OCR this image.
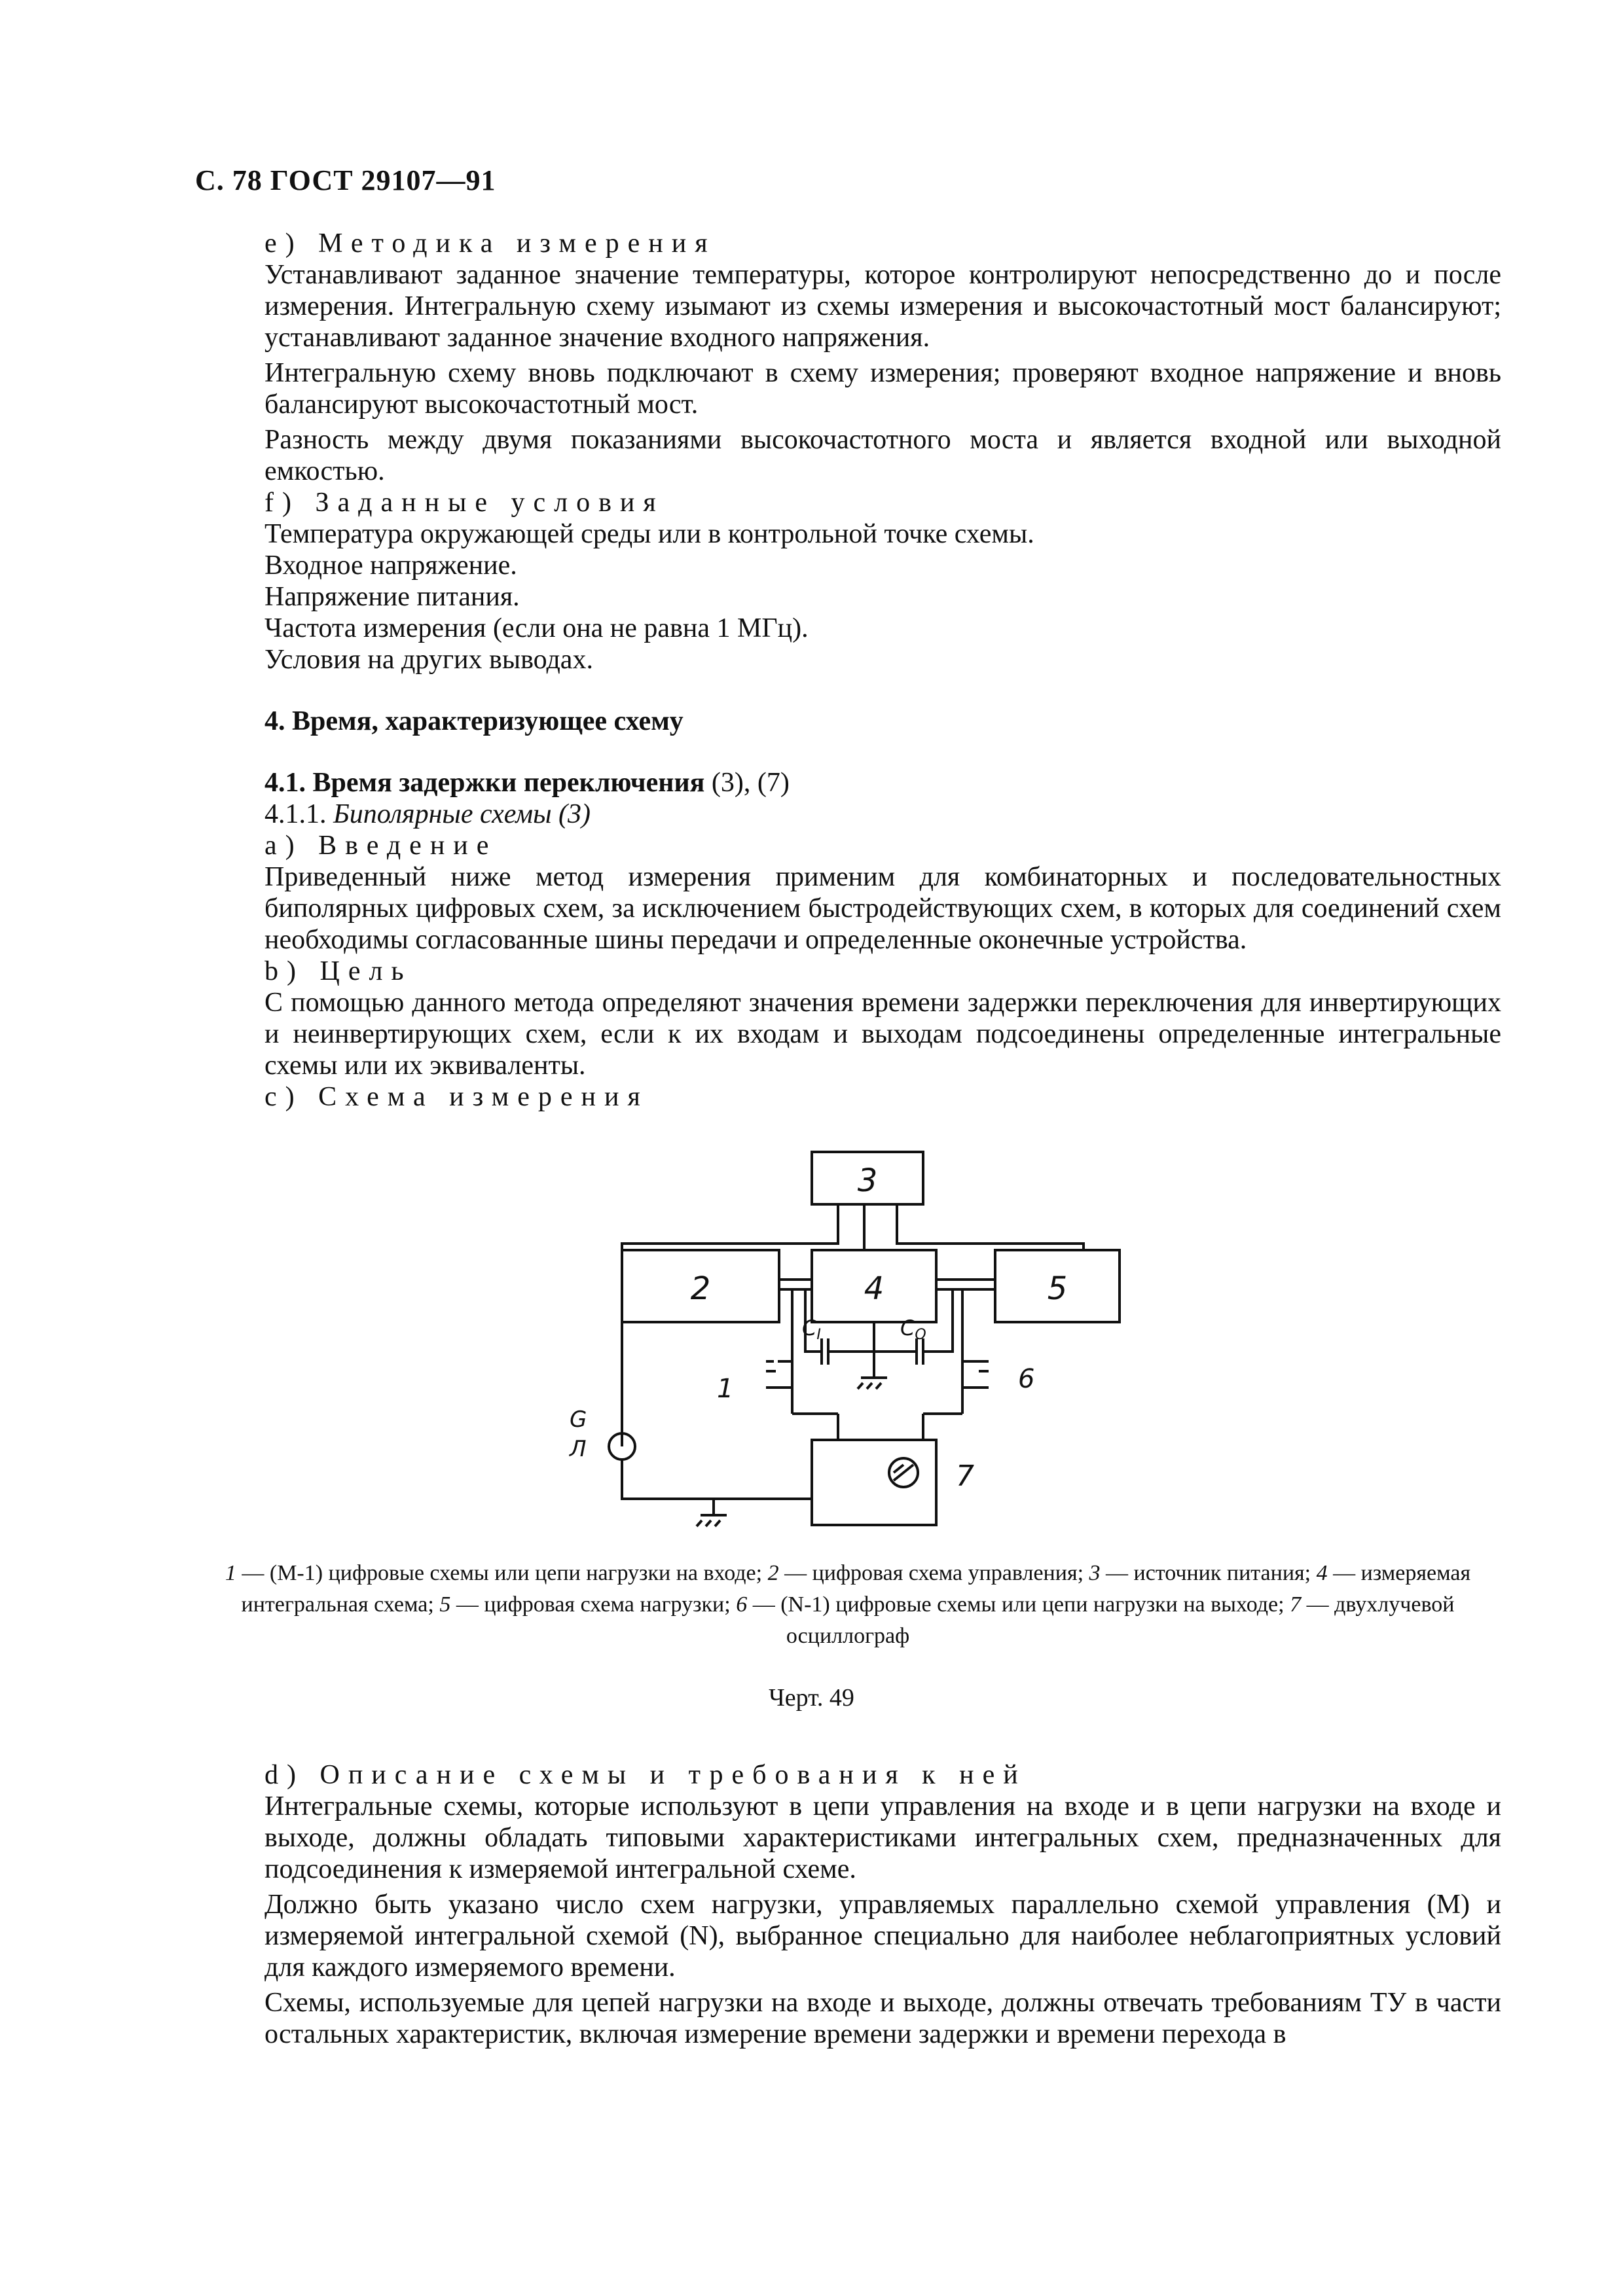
С. 78 ГОСТ 29107—91

е) Методика измерения

Устанавливают заданное значение температуры, которое контролируют непосредственно до и после измерения. Интегральную схему изымают из схемы измерения и высокочастотный мост балансируют; устанавливают заданное значение входного напряжения.

Интегральную схему вновь подключают в схему измерения; проверяют входное напряжение и вновь балансируют высокочастотный мост.

Разность между двумя показаниями высокочастотного моста и является входной или выходной емкостью.

f) Заданные условия

Температура окружающей среды или в контрольной точке схемы.

Входное напряжение.

Напряжение питания.

Частота измерения (если она не равна 1 МГц).

Условия на других выводах.

4. Время, характеризующее схему

4.1. Время задержки переключения (3), (7)

4.1.1. Биполярные схемы (3)

а) Введение

Приведенный ниже метод измерения применим для комбинаторных и последовательностных биполярных цифровых схем, за исключением быстродействующих схем, в которых для соединений схем необходимы согласованные шины передачи и определенные оконечные устройства.

b) Цель

С помощью данного метода определяют значения времени задержки переключения для инвертирующих и неинвертирующих схем, если к их входам и выходам подсоединены определенные интегральные схемы или их эквиваленты.

с) Схема измерения

3
2	4	5
CI	CO
1	6
7
G
Л
1 — (М-1) цифровые схемы или цепи нагрузки на входе; 2 — цифровая схема управления; 3 — источник питания; 4 — измеряемая интегральная схема; 5 — цифровая схема нагрузки; 6 — (N-1) цифровые схемы или цепи нагрузки на выходе; 7 — двухлучевой осциллограф
Черт. 49

d) Описание схемы и требования к ней

Интегральные схемы, которые используют в цепи управления на входе и в цепи нагрузки на входе и выходе, должны обладать типовыми характеристиками интегральных схем, предназначенных для подсоединения к измеряемой интегральной схеме.

Должно быть указано число схем нагрузки, управляемых параллельно схемой управления (М) и измеряемой интегральной схемой (N), выбранное специально для наиболее неблагоприятных условий для каждого измеряемого времени.

Схемы, используемые для цепей нагрузки на входе и выходе, должны отвечать требованиям ТУ в части остальных характеристик, включая измерение времени задержки и времени перехода в
